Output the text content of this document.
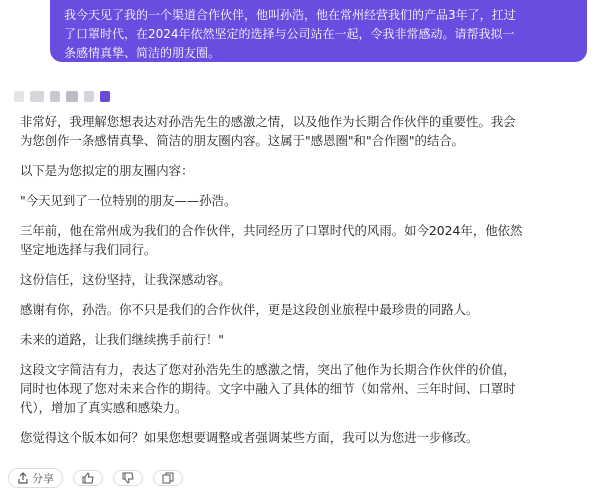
我今天见了我的一个渠道合作伙伴，他叫孙浩，他在常州经营我们的产品3年了，扛过
了口罩时代，在2024年依然坚定的选择与公司站在一起，令我非常感动。请帮我拟一
条感情真挚、简洁的朋友圈。

非常好，我理解您想表达对孙浩先生的感激之情，以及他作为长期合作伙伴的重要性。我会
为您创作一条感情真挚、简洁的朋友圈内容。这属于"感恩圈"和"合作圈"的结合。

以下是为您拟定的朋友圈内容：

"今天见到了一位特别的朋友——孙浩。

三年前，他在常州成为我们的合作伙伴，共同经历了口罩时代的风雨。如今2024年，他依然
坚定地选择与我们同行。

这份信任，这份坚持，让我深感动容。

感谢有你，孙浩。你不只是我们的合作伙伴，更是这段创业旅程中最珍贵的同路人。

未来的道路，让我们继续携手前行！"

这段文字简洁有力，表达了您对孙浩先生的感激之情，突出了他作为长期合作伙伴的价值，
同时也体现了您对未来合作的期待。文字中融入了具体的细节（如常州、三年时间、口罩时
代），增加了真实感和感染力。

您觉得这个版本如何？如果您想要调整或者强调某些方面，我可以为您进一步修改。

分享
